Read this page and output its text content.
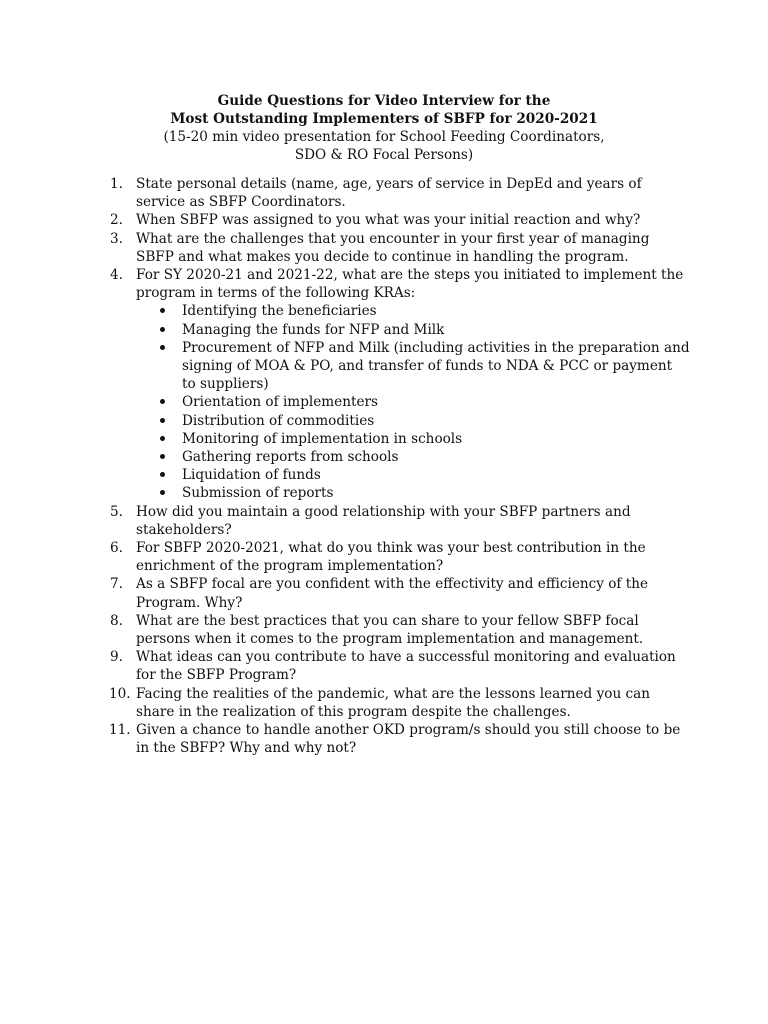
Guide Questions for Video Interview for the
Most Outstanding Implementers of SBFP for 2020-2021
(15-20 min video presentation for School Feeding Coordinators,
SDO & RO Focal Persons)
1. State personal details (name, age, years of service in DepEd and years of service as SBFP Coordinators.
2. When SBFP was assigned to you what was your initial reaction and why?
3. What are the challenges that you encounter in your first year of managing SBFP and what makes you decide to continue in handling the program.
4. For SY 2020-21 and 2021-22, what are the steps you initiated to implement the program in terms of the following KRAs:
Identifying the beneficiaries
Managing the funds for NFP and Milk
Procurement of NFP and Milk (including activities in the preparation and signing of MOA & PO, and transfer of funds to NDA & PCC or payment to suppliers)
Orientation of implementers
Distribution of commodities
Monitoring of implementation in schools
Gathering reports from schools
Liquidation of funds
Submission of reports
5. How did you maintain a good relationship with your SBFP partners and stakeholders?
6. For SBFP 2020-2021, what do you think was your best contribution in the enrichment of the program implementation?
7. As a SBFP focal are you confident with the effectivity and efficiency of the Program. Why?
8. What are the best practices that you can share to your fellow SBFP focal persons when it comes to the program implementation and management.
9. What ideas can you contribute to have a successful monitoring and evaluation for the SBFP Program?
10. Facing the realities of the pandemic, what are the lessons learned you can share in the realization of this program despite the challenges.
11. Given a chance to handle another OKD program/s should you still choose to be in the SBFP? Why and why not?
